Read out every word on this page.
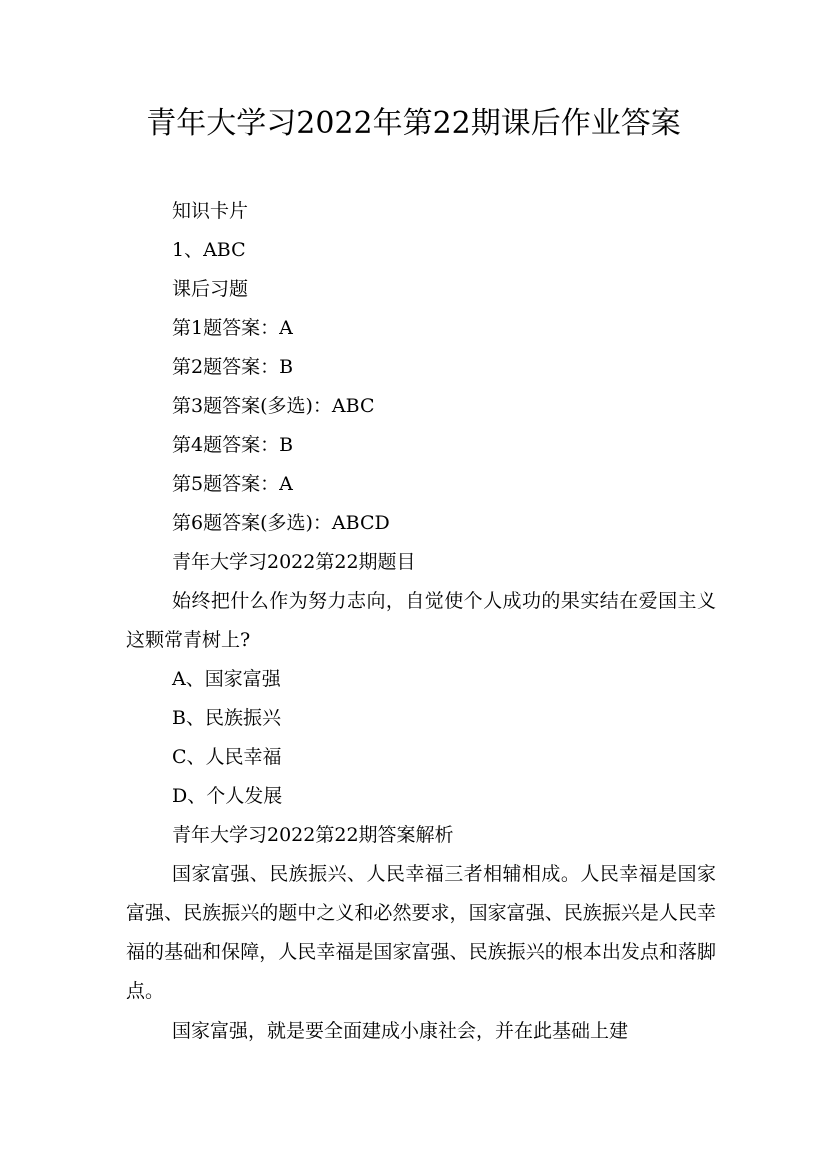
青年大学习2022年第22期课后作业答案
知识卡片
1、ABC
课后习题
第1题答案：A
第2题答案：B
第3题答案(多选)：ABC
第4题答案：B
第5题答案：A
第6题答案(多选)：ABCD
青年大学习2022第22期题目
始终把什么作为努力志向，自觉使个人成功的果实结在爱国主义这颗常青树上?
A、国家富强
B、民族振兴
C、人民幸福
D、个人发展
青年大学习2022第22期答案解析
国家富强、民族振兴、人民幸福三者相辅相成。人民幸福是国家富强、民族振兴的题中之义和必然要求，国家富强、民族振兴是人民幸福的基础和保障，人民幸福是国家富强、民族振兴的根本出发点和落脚点。
国家富强，就是要全面建成小康社会，并在此基础上建
